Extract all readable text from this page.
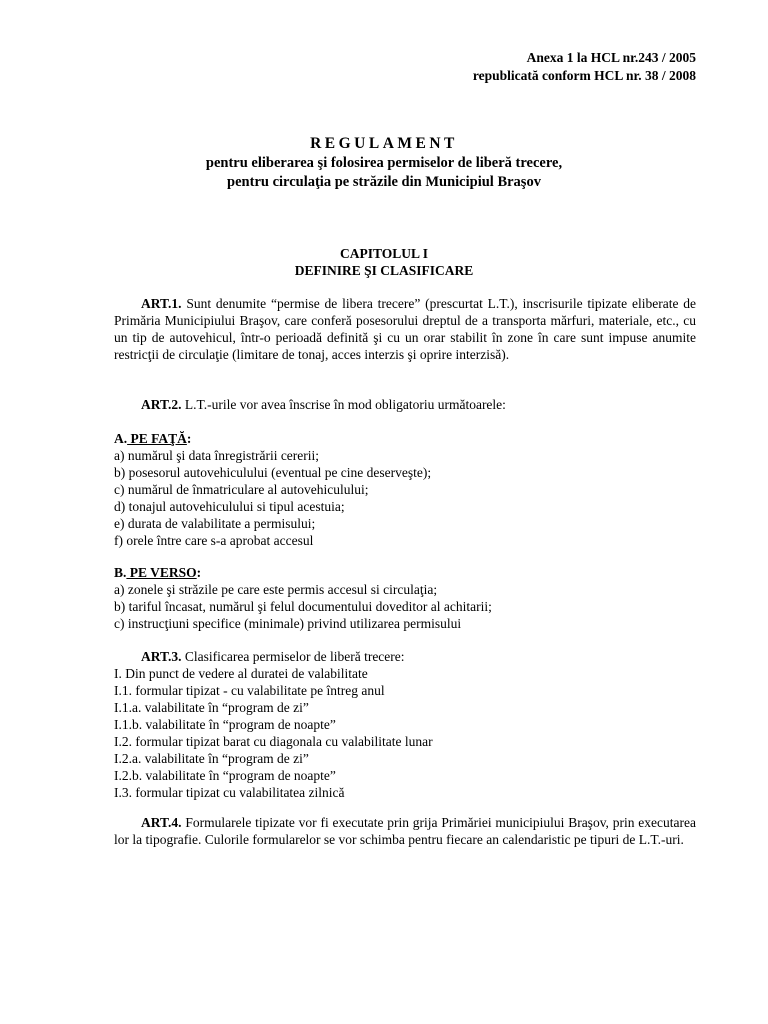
Anexa 1 la HCL nr.243 / 2005
republicată conform HCL nr. 38 / 2008
REGULAMENT
pentru eliberarea şi folosirea permiselor de liberă trecere,
pentru circulaţia pe străzile din Municipiul Braşov
CAPITOLUL I
DEFINIRE ŞI CLASIFICARE

ART.1. Sunt denumite “permise de libera trecere” (prescurtat L.T.), inscrisurile tipizate eliberate de Primăria Municipiului Braşov, care conferă posesorului dreptul de a transporta mărfuri, materiale, etc., cu un tip de autovehicul, într-o perioadă definită şi cu un orar stabilit în zone în care sunt impuse anumite restricţii de circulaţie (limitare de tonaj, acces interzis şi oprire interzisă).

ART.2. L.T.-urile vor avea înscrise în mod obligatoriu următoarele:

A. PE FAŢĂ:
a) numărul şi data înregistrării cererii;
b) posesorul autovehiculului (eventual pe cine deserveşte);
c) numărul de înmatriculare al autovehiculului;
d) tonajul autovehiculului si tipul acestuia;
e) durata de valabilitate a permisului;
f) orele între care s-a aprobat accesul
B. PE VERSO:
a) zonele şi străzile pe care este permis accesul si circulaţia;
b) tariful încasat, numărul şi felul documentului doveditor al achitarii;
c) instrucţiuni specifice (minimale) privind utilizarea permisului
ART.3. Clasificarea permiselor de liberă trecere:
I. Din punct de vedere al duratei de valabilitate
I.1. formular tipizat - cu valabilitate pe întreg anul
I.1.a. valabilitate în “program de zi”
I.1.b. valabilitate în “program de noapte”
I.2. formular tipizat barat cu diagonala cu valabilitate lunar
I.2.a. valabilitate în “program de zi”
I.2.b. valabilitate în “program de noapte”
I.3. formular tipizat cu valabilitatea zilnică

ART.4. Formularele tipizate vor fi executate prin grija Primăriei municipiului Braşov, prin executarea lor la tipografie. Culorile formularelor se vor schimba pentru fiecare an calendaristic pe tipuri de L.T.-uri.
